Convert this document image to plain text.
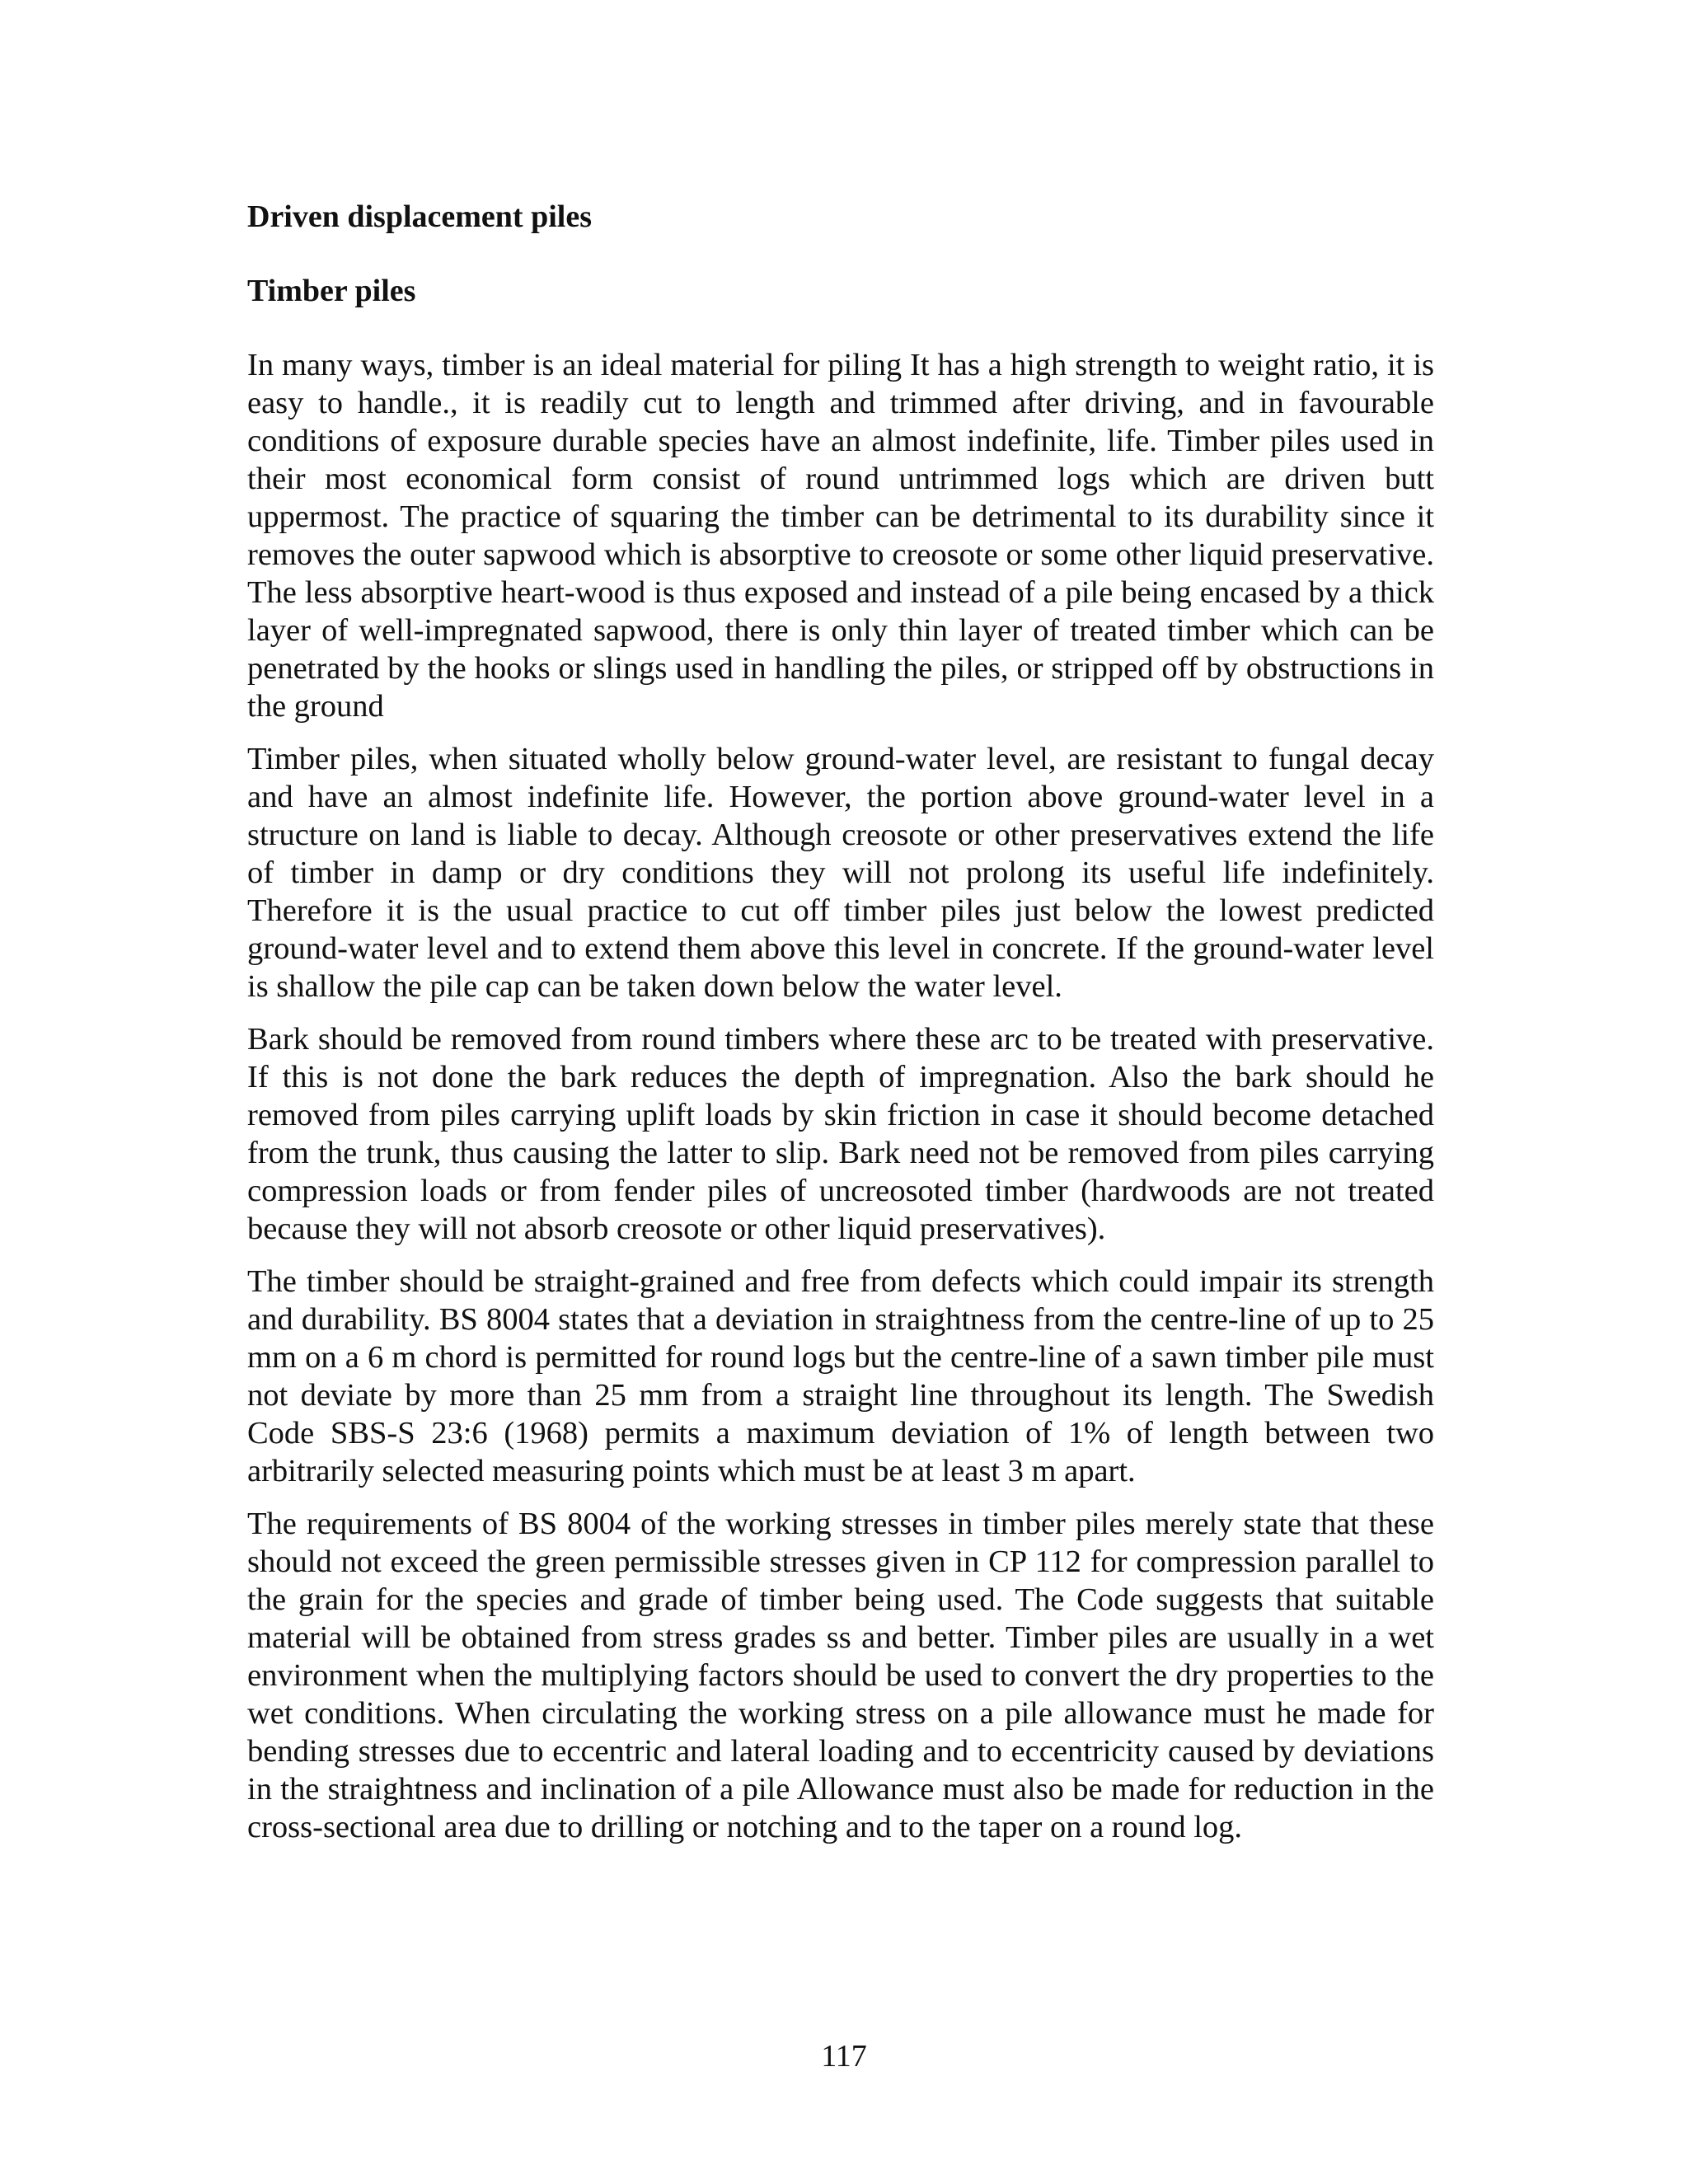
Driven displacement piles
Timber piles

In many ways, timber is an ideal material for piling It has a high strength to weight ratio, it is easy to handle., it is readily cut to length and trimmed after driving, and in favourable conditions of exposure durable species have an almost indefinite, life. Timber piles used in their most economical form consist of round untrimmed logs which are driven butt uppermost. The practice of squaring the timber can be detrimental to its durability since it removes the outer sapwood which is absorptive to creosote or some other liquid preservative. The less absorptive heart-wood is thus exposed and instead of a pile being encased by a thick layer of well-impregnated sapwood, there is only thin layer of treated timber which can be penetrated by the hooks or slings used in handling the piles, or stripped off by obstructions in the ground

Timber piles, when situated wholly below ground-water level, are resistant to fungal decay and have an almost indefinite life. However, the portion above ground-water level in a structure on land is liable to decay. Although creosote or other preservatives extend the life of timber in damp or dry conditions they will not prolong its useful life indefinitely. Therefore it is the usual practice to cut off timber piles just below the lowest predicted ground-water level and to extend them above this level in concrete. If the ground-water level is shallow the pile cap can be taken down below the water level.

Bark should be removed from round timbers where these arc to be treated with preservative. If this is not done the bark reduces the depth of impregnation. Also the bark should he removed from piles carrying uplift loads by skin friction in case it should become detached from the trunk, thus causing the latter to slip. Bark need not be removed from piles carrying compression loads or from fender piles of uncreosoted timber (hardwoods are not treated because they will not absorb creosote or other liquid preservatives).

The timber should be straight-grained and free from defects which could impair its strength and durability. BS 8004 states that a deviation in straightness from the centre-line of up to 25 mm on a 6 m chord is permitted for round logs but the centre-line of a sawn timber pile must not deviate by more than 25 mm from a straight line throughout its length. The Swedish Code SBS-S 23:6 (1968) permits a maximum deviation of 1% of length between two arbitrarily selected measuring points which must be at least 3 m apart.

The requirements of BS 8004 of the working stresses in timber piles merely state that these should not exceed the green permissible stresses given in CP 112 for compression parallel to the grain for the species and grade of timber being used. The Code suggests that suitable material will be obtained from stress grades ss and better. Timber piles are usually in a wet environment when the multiplying factors should be used to convert the dry properties to the wet conditions. When circulating the working stress on a pile allowance must he made for bending stresses due to eccentric and lateral loading and to eccentricity caused by deviations in the straightness and inclination of a pile Allowance must also be made for reduction in the cross-sectional area due to drilling or notching and to the taper on a round log.

117
